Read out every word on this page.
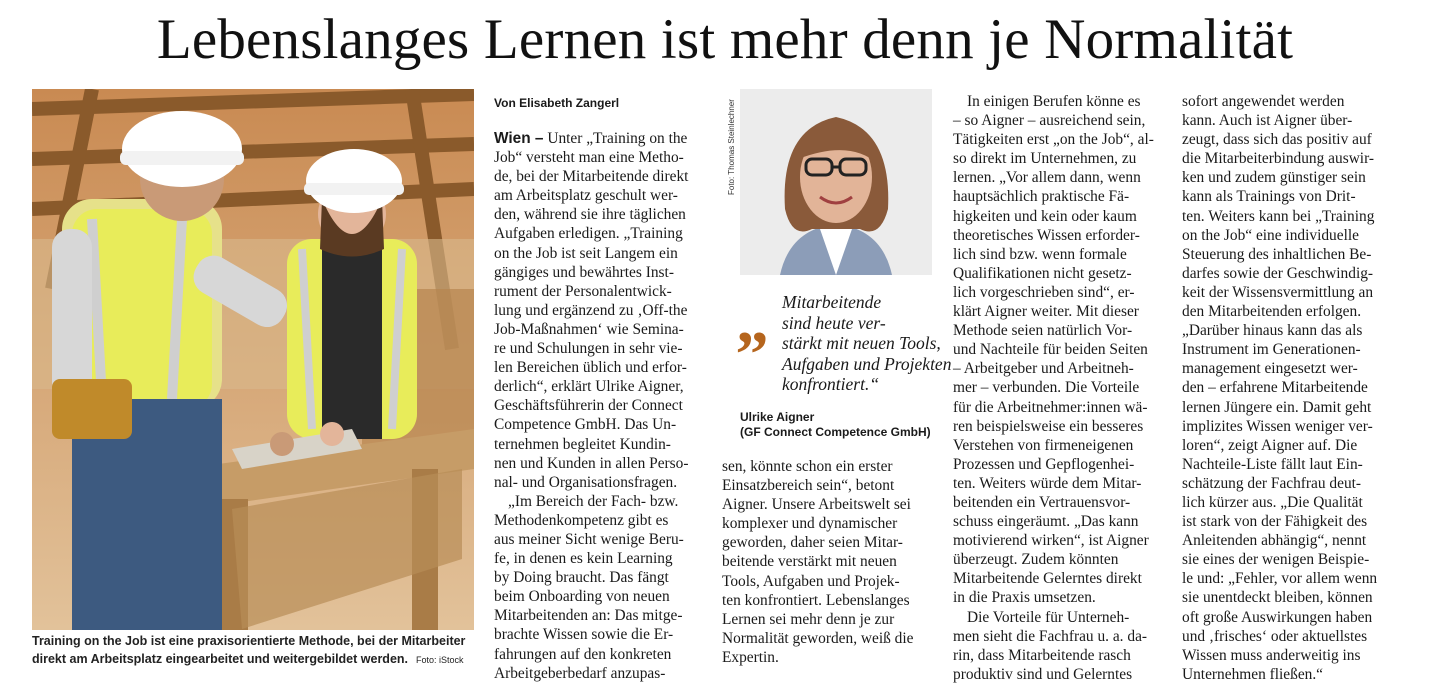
Lebenslanges Lernen ist mehr denn je Normalität
Training on the Job ist eine praxisorientierte Methode, bei der Mitarbeiter direkt am Arbeitsplatz eingearbeitet und weitergebildet werden. Foto: iStock
Von Elisabeth Zangerl

Wien – Unter „Training on the
Job“ versteht man eine Metho-
de, bei der Mitarbeitende direkt
am Arbeitsplatz geschult wer-
den, während sie ihre täglichen
Aufgaben erledigen. „Training
on the Job ist seit Langem ein
gängiges und bewährtes Inst-
rument der Personalentwick-
lung und ergänzend zu ‚Off-the
Job-Maßnahmen‘ wie Semina-
re und Schulungen in sehr vie-
len Bereichen üblich und erfor-
derlich“, erklärt Ulrike Aigner,
Geschäftsführerin der Connect
Competence GmbH. Das Un-
ternehmen begleitet Kundin-
nen und Kunden in allen Perso-
nal- und Organisationsfragen.

„Im Bereich der Fach- bzw.
Methodenkompetenz gibt es
aus meiner Sicht wenige Beru-
fe, in denen es kein Learning
by Doing braucht. Das fängt
beim Onboarding von neuen
Mitarbeitenden an: Das mitge-
brachte Wissen sowie die Er-
fahrungen auf den konkreten
Arbeitgeberbedarf anzupas-

Foto: Thomas Steinlechner
„ Mitarbeitende
sind heute ver-
stärkt mit neuen Tools,
Aufgaben und Projekten
konfrontiert.“
Ulrike Aigner
(GF Connect Competence GmbH)

sen, könnte schon ein erster
Einsatzbereich sein“, betont
Aigner. Unsere Arbeitswelt sei
komplexer und dynamischer
geworden, daher seien Mitar-
beitende verstärkt mit neuen
Tools, Aufgaben und Projek-
ten konfrontiert. Lebenslanges
Lernen sei mehr denn je zur
Normalität geworden, weiß die
Expertin.

In einigen Berufen könne es
– so Aigner – ausreichend sein,
Tätigkeiten erst „on the Job“, al-
so direkt im Unternehmen, zu
lernen. „Vor allem dann, wenn
hauptsächlich praktische Fä-
higkeiten und kein oder kaum
theoretisches Wissen erforder-
lich sind bzw. wenn formale
Qualifikationen nicht gesetz-
lich vorgeschrieben sind“, er-
klärt Aigner weiter. Mit dieser
Methode seien natürlich Vor-
und Nachteile für beiden Seiten
– Arbeitgeber und Arbeitneh-
mer – verbunden. Die Vorteile
für die Arbeitnehmer:innen wä-
ren beispielsweise ein besseres
Verstehen von firmeneigenen
Prozessen und Gepflogenhei-
ten. Weiters würde dem Mitar-
beitenden ein Vertrauensvor-
schuss eingeräumt. „Das kann
motivierend wirken“, ist Aigner
überzeugt. Zudem könnten
Mitarbeitende Gelerntes direkt
in die Praxis umsetzen.

Die Vorteile für Unterneh-
men sieht die Fachfrau u. a. da-
rin, dass Mitarbeitende rasch
produktiv sind und Gelerntes

sofort angewendet werden
kann. Auch ist Aigner über-
zeugt, dass sich das positiv auf
die Mitarbeiterbindung auswir-
ken und zudem günstiger sein
kann als Trainings von Drit-
ten. Weiters kann bei „Training
on the Job“ eine individuelle
Steuerung des inhaltlichen Be-
darfes sowie der Geschwindig-
keit der Wissensvermittlung an
den Mitarbeitenden erfolgen.
„Darüber hinaus kann das als
Instrument im Generationen-
management eingesetzt wer-
den – erfahrene Mitarbeitende
lernen Jüngere ein. Damit geht
implizites Wissen weniger ver-
loren“, zeigt Aigner auf. Die
Nachteile-Liste fällt laut Ein-
schätzung der Fachfrau deut-
lich kürzer aus. „Die Qualität
ist stark von der Fähigkeit des
Anleitenden abhängig“, nennt
sie eines der wenigen Beispie-
le und: „Fehler, vor allem wenn
sie unentdeckt bleiben, können
oft große Auswirkungen haben
und ‚frisches‘ oder aktuellstes
Wissen muss anderweitig ins
Unternehmen fließen.“
